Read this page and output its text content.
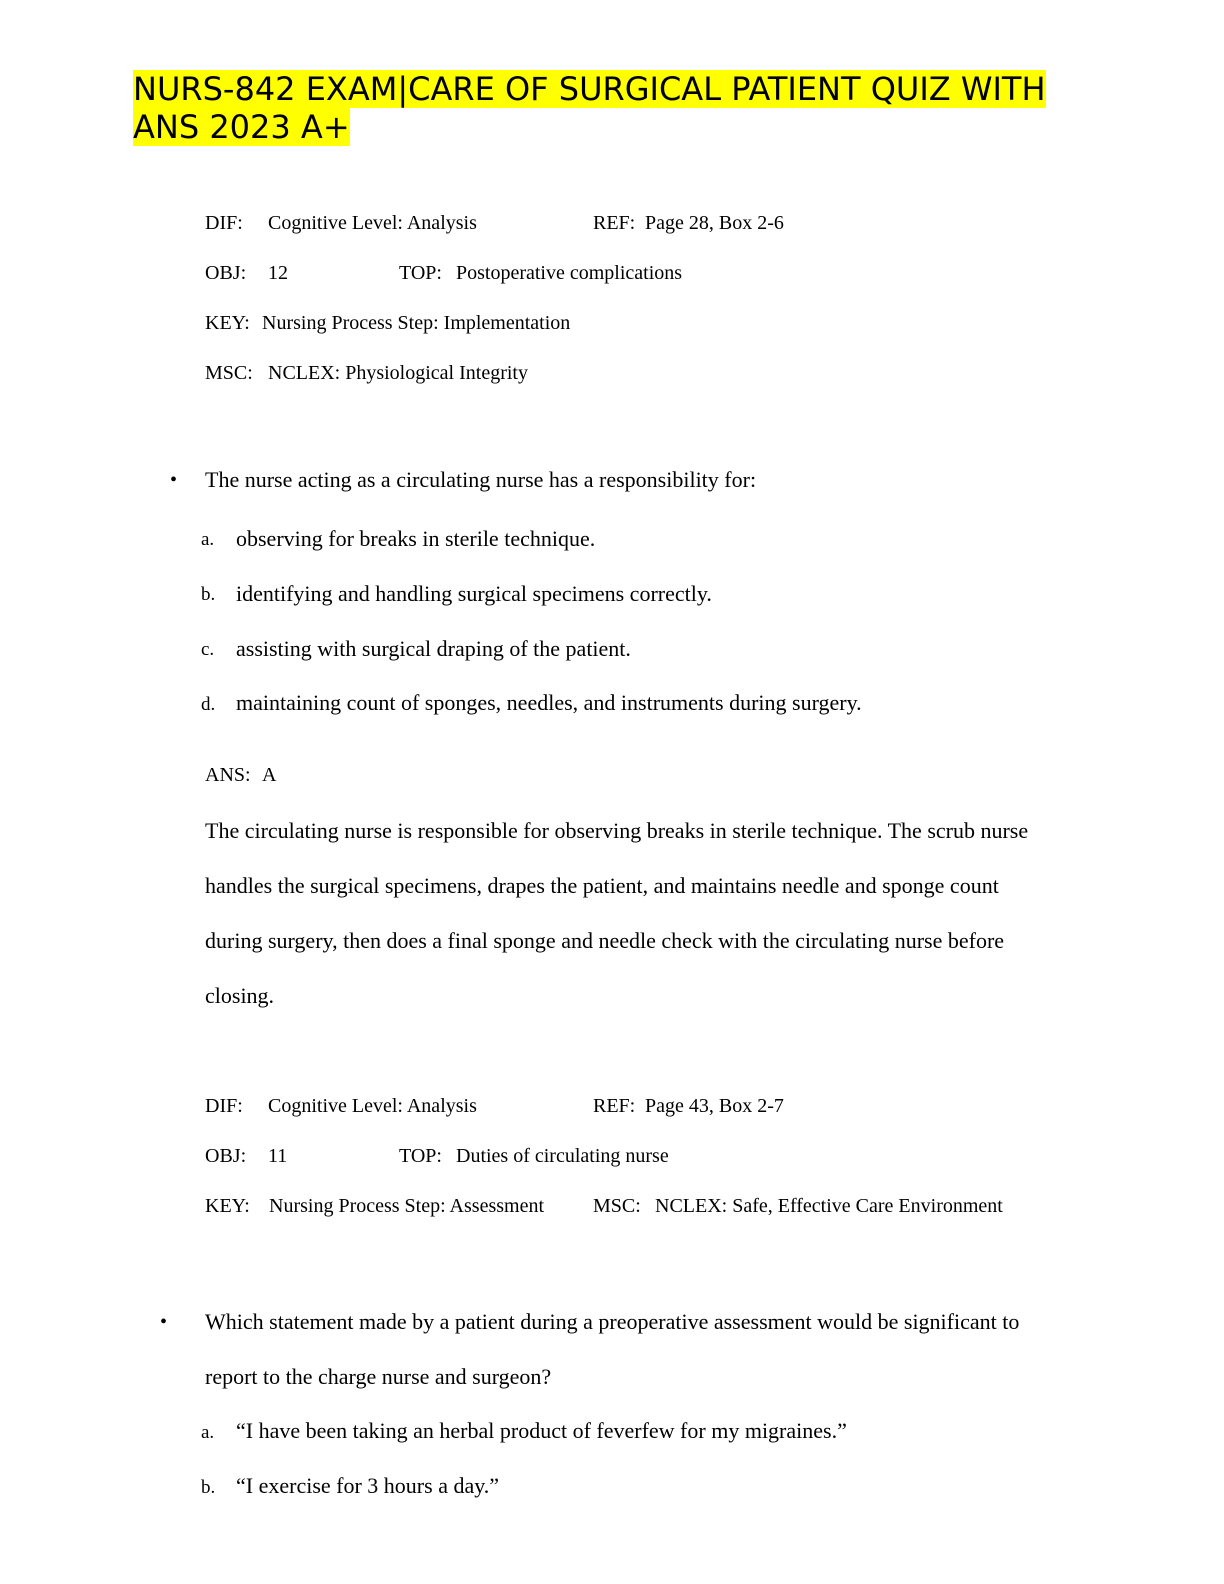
NURS-842 EXAM|CARE OF SURGICAL PATIENT QUIZ WITH ANS 2023 A+
DIF: Cognitive Level: Analysis	REF: Page 28, Box 2-6
OBJ: 12	TOP: Postoperative complications
KEY: Nursing Process Step: Implementation
MSC: NCLEX: Physiological Integrity
• The nurse acting as a circulating nurse has a responsibility for:
a. observing for breaks in sterile technique.
b. identifying and handling surgical specimens correctly.
c. assisting with surgical draping of the patient.
d. maintaining count of sponges, needles, and instruments during surgery.
ANS: A
The circulating nurse is responsible for observing breaks in sterile technique. The scrub nurse
handles the surgical specimens, drapes the patient, and maintains needle and sponge count
during surgery, then does a final sponge and needle check with the circulating nurse before
closing.
DIF: Cognitive Level: Analysis	REF: Page 43, Box 2-7
OBJ: 11	TOP: Duties of circulating nurse
KEY: Nursing Process Step: Assessment MSC: NCLEX: Safe, Effective Care Environment
• Which statement made by a patient during a preoperative assessment would be significant to
report to the charge nurse and surgeon?
a. “I have been taking an herbal product of feverfew for my migraines.”
b. “I exercise for 3 hours a day.”
